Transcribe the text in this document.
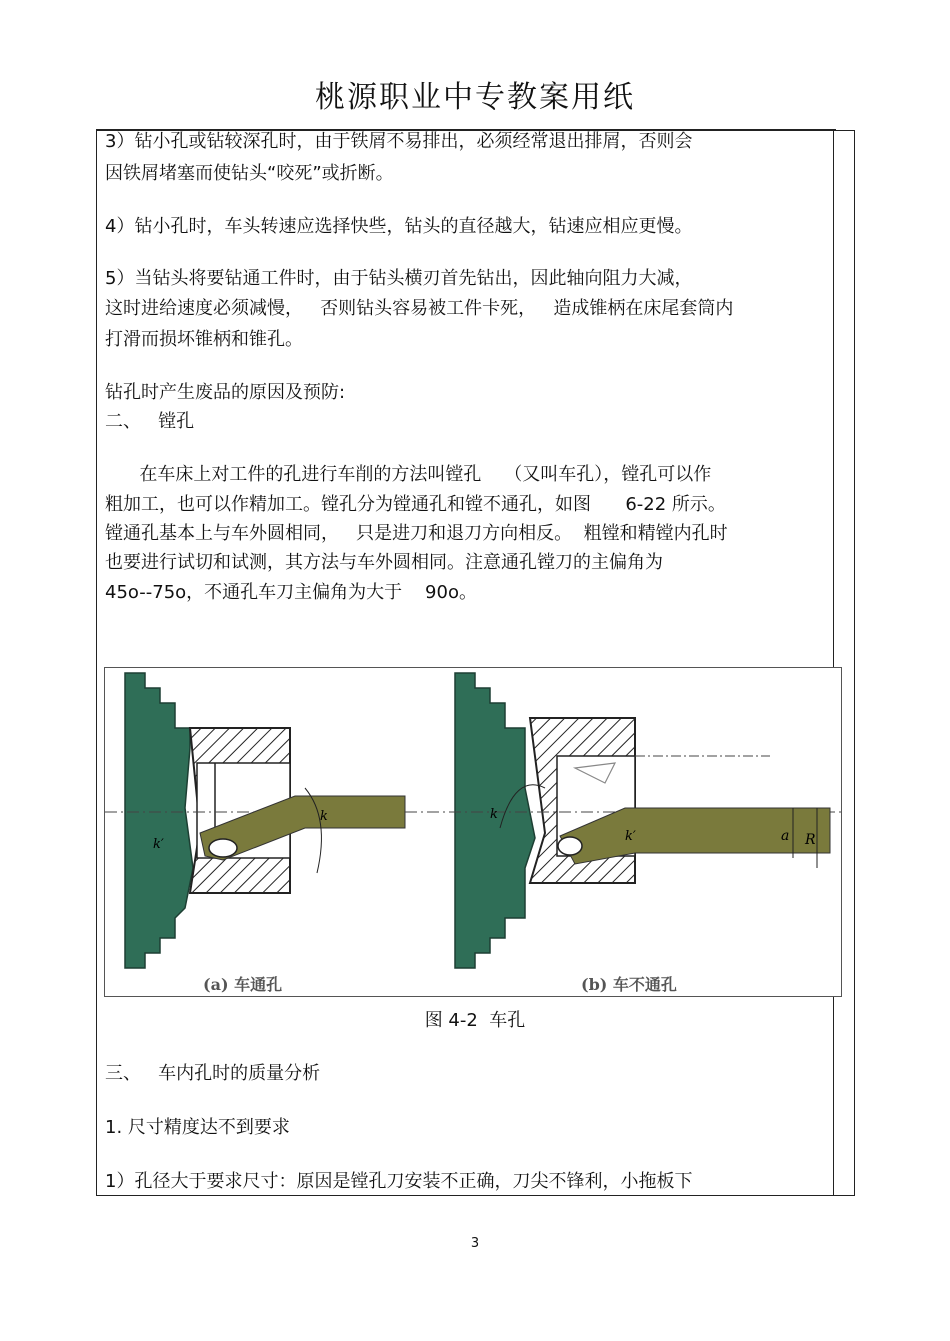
桃源职业中专教案用纸
3）钻小孔或钻较深孔时，由于铁屑不易排出，必须经常退出排屑，否则会
因铁屑堵塞而使钻头“咬死”或折断。
4）钻小孔时，车头转速应选择快些，钻头的直径越大，钻速应相应更慢。
5）当钻头将要钻通工件时，由于钻头横刃首先钻出，因此轴向阻力大减，
这时进给速度必须减慢，   否则钻头容易被工件卡死，   造成锥柄在床尾套筒内
打滑而损坏锥柄和锥孔。
钻孔时产生废品的原因及预防:
二、   镗孔
在车床上对工件的孔进行车削的方法叫镗孔    （又叫车孔），镗孔可以作
粗加工，也可以作精加工。镗孔分为镗通孔和镗不通孔，如图      6-22 所示。
镗通孔基本上与车外圆相同，   只是进刀和退刀方向相反。  粗镗和精镗内孔时
也要进行试切和试测，其方法与车外圆相同。注意通孔镗刀的主偏角为
45o--75o，不通孔车刀主偏角为大于    90o。
k
k′
(a) 车通孔
k
k′	a R
(b) 车不通孔
图 4-2  车孔
三、   车内孔时的质量分析
1. 尺寸精度达不到要求
1）孔径大于要求尺寸：原因是镗孔刀安装不正确，刀尖不锋利，小拖板下
3
